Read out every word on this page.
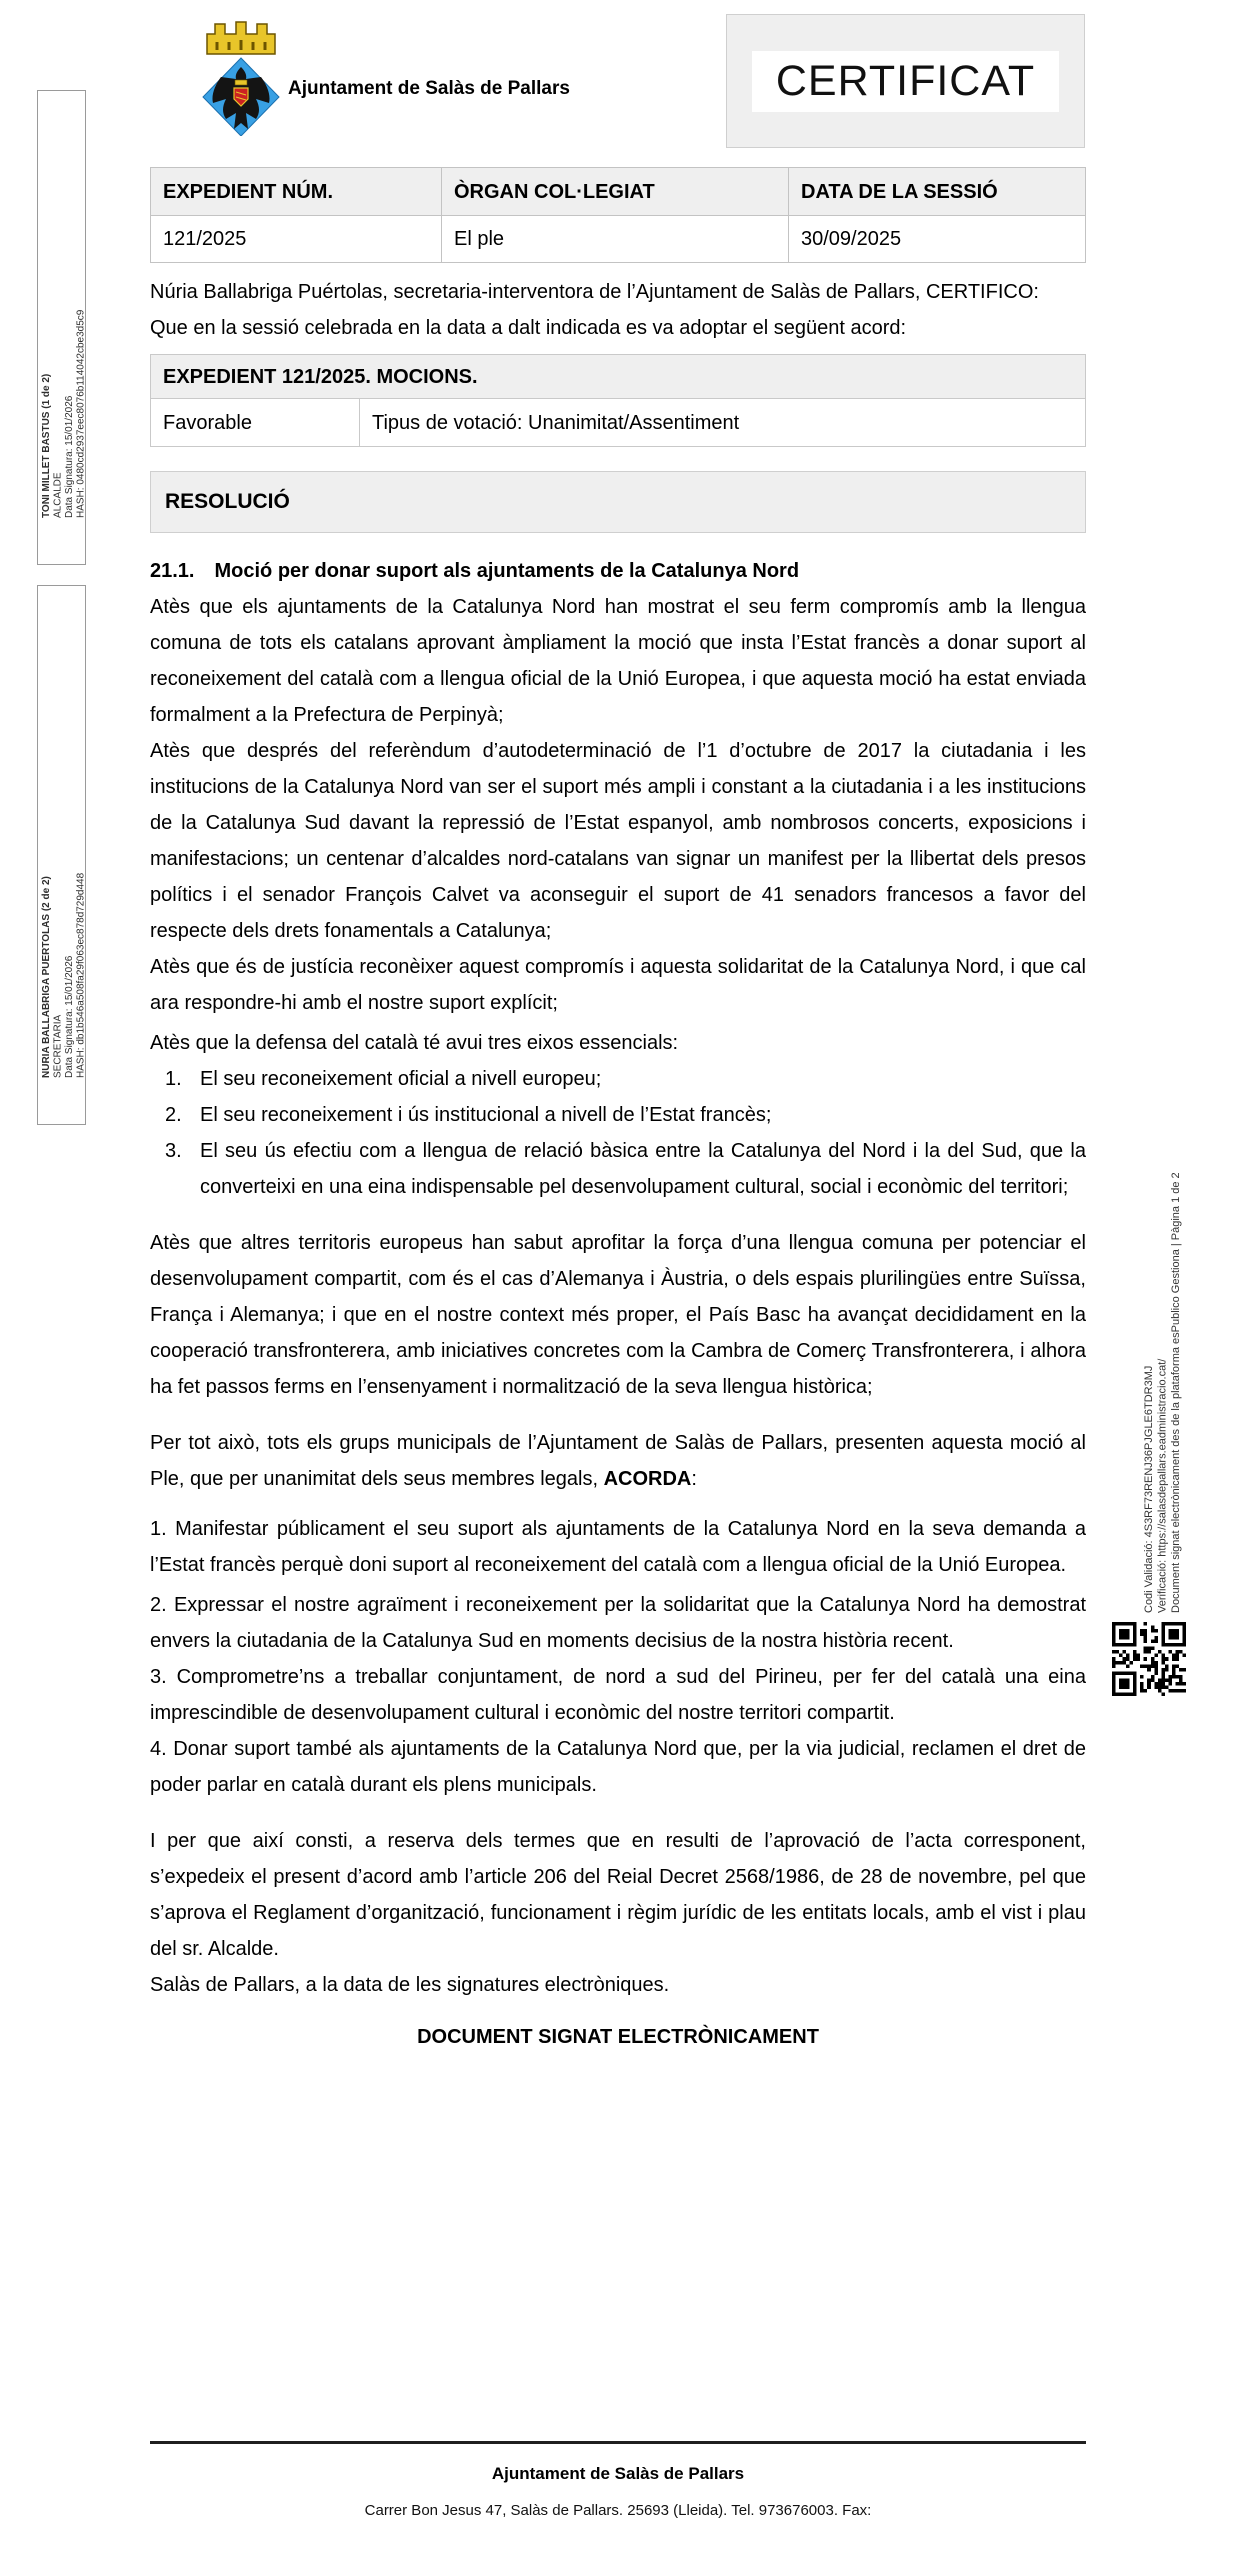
Ajuntament de Salàs de Pallars	CERTIFICAT
EXPEDIENT NÚM.	ÒRGAN COL·LEGIAT	DATA DE LA SESSIÓ
121/2025	El ple	30/09/2025

Núria Ballabriga Puértolas, secretaria-interventora de l’Ajuntament de Salàs de Pallars, CERTIFICO:

Que en la sessió celebrada en la data a dalt indicada es va adoptar el següent acord:

EXPEDIENT 121/2025. MOCIONS.
Favorable	Tipus de votació: Unanimitat/Assentiment
RESOLUCIÓ
21.1. Moció per donar suport als ajuntaments de la Catalunya Nord

Atès que els ajuntaments de la Catalunya Nord han mostrat el seu ferm compromís amb la llengua comuna de tots els catalans aprovant àmpliament la moció que insta l’Estat francès a donar suport al reconeixement del català com a llengua oficial de la Unió Europea, i que aquesta moció ha estat enviada formalment a la Prefectura de Perpinyà;

Atès que després del referèndum d’autodeterminació de l’1 d’octubre de 2017 la ciutadania i les institucions de la Catalunya Nord van ser el suport més ampli i constant a la ciutadania i a les institucions de la Catalunya Sud davant la repressió de l’Estat espanyol, amb nombrosos concerts, exposicions i manifestacions; un centenar d’alcaldes nord-catalans van signar un manifest per la llibertat dels presos polítics i el senador François Calvet va aconseguir el suport de 41 senadors francesos a favor del respecte dels drets fonamentals a Catalunya;

Atès que és de justícia reconèixer aquest compromís i aquesta solidaritat de la Catalunya Nord, i que cal ara respondre-hi amb el nostre suport explícit;

Atès que la defensa del català té avui tres eixos essencials:

1. El seu reconeixement oficial a nivell europeu;
2. El seu reconeixement i ús institucional a nivell de l’Estat francès;
3. El seu ús efectiu com a llengua de relació bàsica entre la Catalunya del Nord i la del Sud, que la converteixi en una eina indispensable pel desenvolupament cultural, social i econòmic del territori;

Atès que altres territoris europeus han sabut aprofitar la força d’una llengua comuna per potenciar el desenvolupament compartit, com és el cas d’Alemanya i Àustria, o dels espais plurilingües entre Suïssa, França i Alemanya; i que en el nostre context més proper, el País Basc ha avançat decididament en la cooperació transfronterera, amb iniciatives concretes com la Cambra de Comerç Transfronterera, i alhora ha fet passos ferms en l’ensenyament i normalització de la seva llengua històrica;

Per tot això, tots els grups municipals de l’Ajuntament de Salàs de Pallars, presenten aquesta moció al Ple, que per unanimitat dels seus membres legals, ACORDA:

1. Manifestar públicament el seu suport als ajuntaments de la Catalunya Nord en la seva demanda a l’Estat francès perquè doni suport al reconeixement del català com a llengua oficial de la Unió Europea.

2. Expressar el nostre agraïment i reconeixement per la solidaritat que la Catalunya Nord ha demostrat envers la ciutadania de la Catalunya Sud en moments decisius de la nostra història recent.

3. Comprometre’ns a treballar conjuntament, de nord a sud del Pirineu, per fer del català una eina imprescindible de desenvolupament cultural i econòmic del nostre territori compartit.

4. Donar suport també als ajuntaments de la Catalunya Nord que, per la via judicial, reclamen el dret de poder parlar en català durant els plens municipals.

I per que així consti, a reserva dels termes que en resulti de l’aprovació de l’acta corresponent, s’expedeix el present d’acord amb l’article 206 del Reial Decret 2568/1986, de 28 de novembre, pel que s’aprova el Reglament d’organització, funcionament i règim jurídic de les entitats locals, amb el vist i plau del sr. Alcalde.

Salàs de Pallars, a la data de les signatures electròniques.

DOCUMENT SIGNAT ELECTRÒNICAMENT

Ajuntament de Salàs de Pallars
Carrer Bon Jesus 47, Salàs de Pallars. 25693 (Lleida). Tel. 973676003. Fax:
TONI MILLET BASTUS (1 de 2) ALCALDE Data Signatura: 15/01/2026 HASH: 0480cd2937eec8076b114042cbe3d5c9
NURIA BALLABRIGA PUERTOLAS (2 de 2) SECRETARIA Data Signatura: 15/01/2026 HASH: db1b546a508fa29f063ec878d729d448
Codi Validació: 4S3RF73RENJ36PJGLE6TDR3MJ Verificació: https://salasdepallars.eadministracio.cat/ Document signat electrònicament des de la plataforma esPublico Gestiona | Pàgina 1 de 2
